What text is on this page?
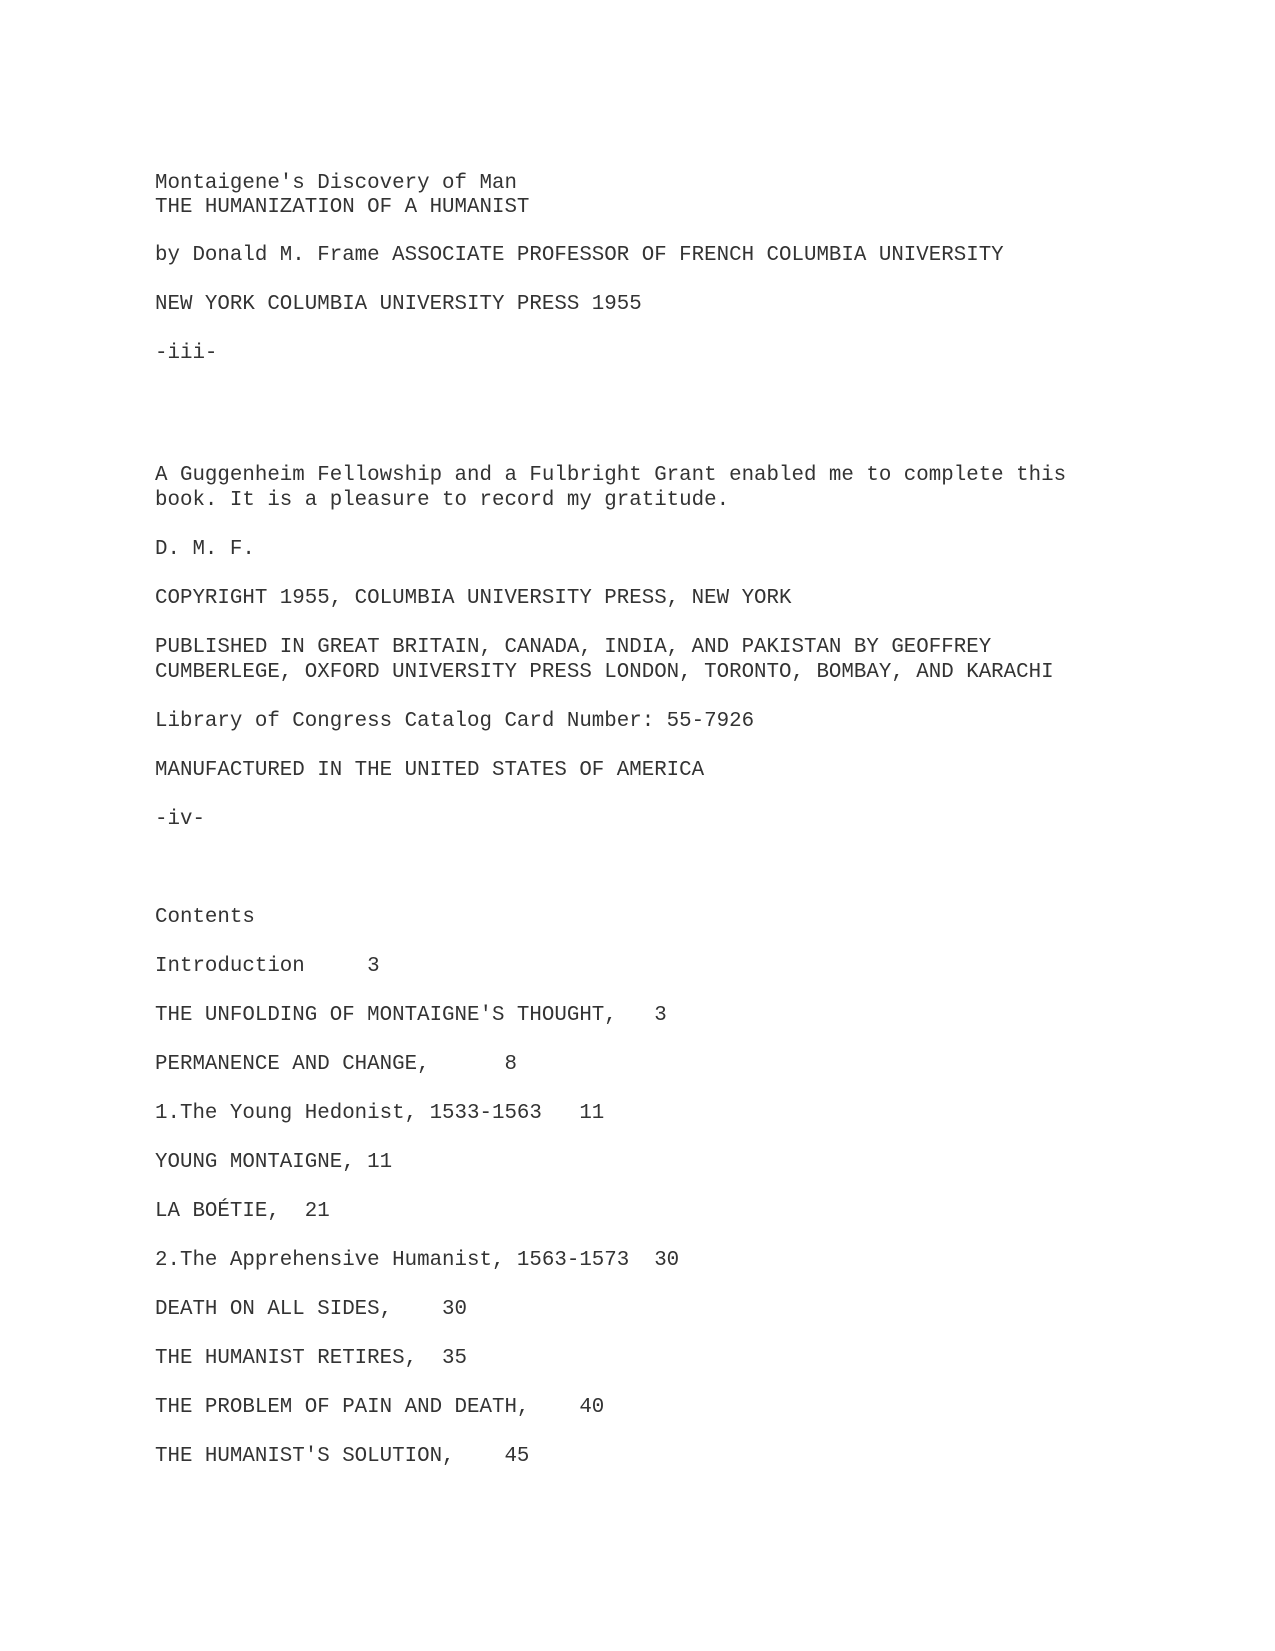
Montaigene's Discovery of Man

THE HUMANIZATION OF A HUMANIST

by Donald M. Frame ASSOCIATE PROFESSOR OF FRENCH COLUMBIA UNIVERSITY

NEW YORK COLUMBIA UNIVERSITY PRESS 1955

-iii-

A Guggenheim Fellowship and a Fulbright Grant enabled me to complete this

book. It is a pleasure to record my gratitude.

D. M. F.

COPYRIGHT 1955, COLUMBIA UNIVERSITY PRESS, NEW YORK

PUBLISHED IN GREAT BRITAIN, CANADA, INDIA, AND PAKISTAN BY GEOFFREY

CUMBERLEGE, OXFORD UNIVERSITY PRESS LONDON, TORONTO, BOMBAY, AND KARACHI

Library of Congress Catalog Card Number: 55-7926

MANUFACTURED IN THE UNITED STATES OF AMERICA

-iv-

Contents

Introduction     3

THE UNFOLDING OF MONTAIGNE'S THOUGHT,   3

PERMANENCE AND CHANGE,      8

1.The Young Hedonist, 1533-1563   11

YOUNG MONTAIGNE, 11

LA BOÉTIE,  21

2.The Apprehensive Humanist, 1563-1573  30

DEATH ON ALL SIDES,    30

THE HUMANIST RETIRES,  35

THE PROBLEM OF PAIN AND DEATH,    40

THE HUMANIST'S SOLUTION,    45
